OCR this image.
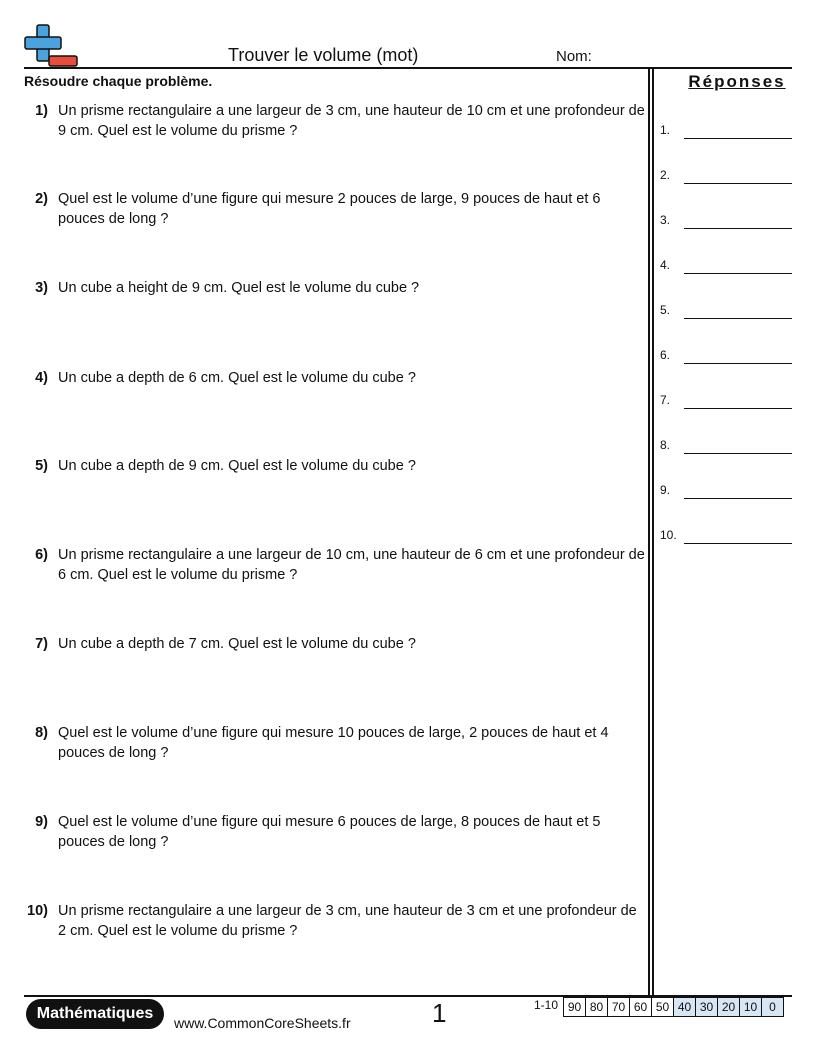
Trouver le volume (mot)	Nom:
Résoudre chaque problème.
1) Un prisme rectangulaire a une largeur de 3 cm, une hauteur de 10 cm et une profondeur de 9 cm. Quel est le volume du prisme ?
2) Quel est le volume d’une figure qui mesure 2 pouces de large, 9 pouces de haut et 6 pouces de long ?
3) Un cube a height de 9 cm. Quel est le volume du cube ?
4) Un cube a depth de 6 cm. Quel est le volume du cube ?
5) Un cube a depth de 9 cm. Quel est le volume du cube ?
6) Un prisme rectangulaire a une largeur de 10 cm, une hauteur de 6 cm et une profondeur de 6 cm. Quel est le volume du prisme ?
7) Un cube a depth de 7 cm. Quel est le volume du cube ?
8) Quel est le volume d’une figure qui mesure 10 pouces de large, 2 pouces de haut et 4 pouces de long ?
9) Quel est le volume d’une figure qui mesure 6 pouces de large, 8 pouces de haut et 5 pouces de long ?
10) Un prisme rectangulaire a une largeur de 3 cm, une hauteur de 3 cm et une profondeur de 2 cm. Quel est le volume du prisme ?
Réponses
1.
2.
3.
4.
5.
6.
7.
8.
9.
10.
Mathématiques
www.CommonCoreSheets.fr	1	1-10 90 80 70 60 50 40 30 20 10 0
